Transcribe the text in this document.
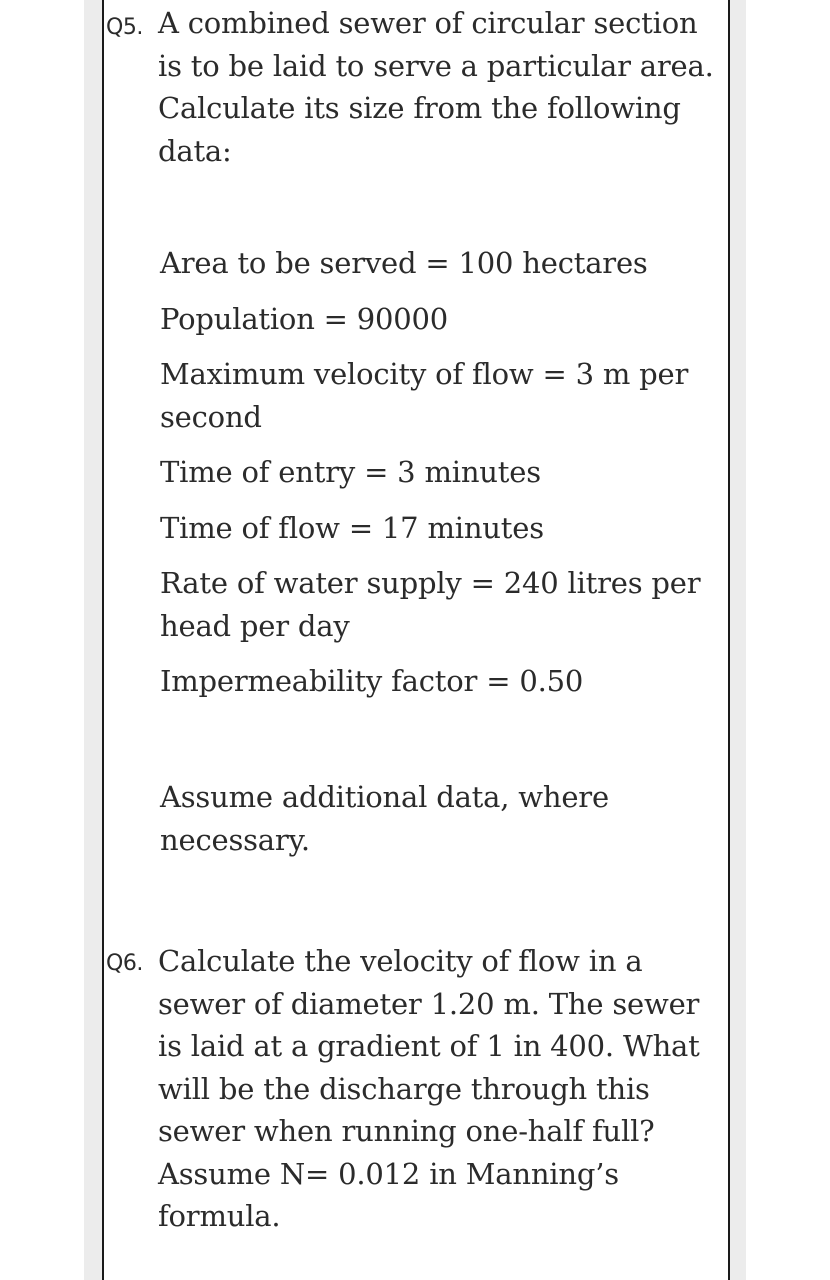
Q5. A combined sewer of circular section is to be laid to serve a particular area. Calculate its size from the following data:
Area to be served = 100 hectares
Population = 90000
Maximum velocity of flow = 3 m per second
Time of entry = 3 minutes
Time of flow = 17 minutes
Rate of water supply = 240 litres per head per day
Impermeability factor = 0.50
Assume additional data, where necessary.
Q6. Calculate the velocity of flow in a sewer of diameter 1.20 m. The sewer is laid at a gradient of 1 in 400. What will be the discharge through this sewer when running one-half full? Assume N= 0.012 in Manning’s formula.
